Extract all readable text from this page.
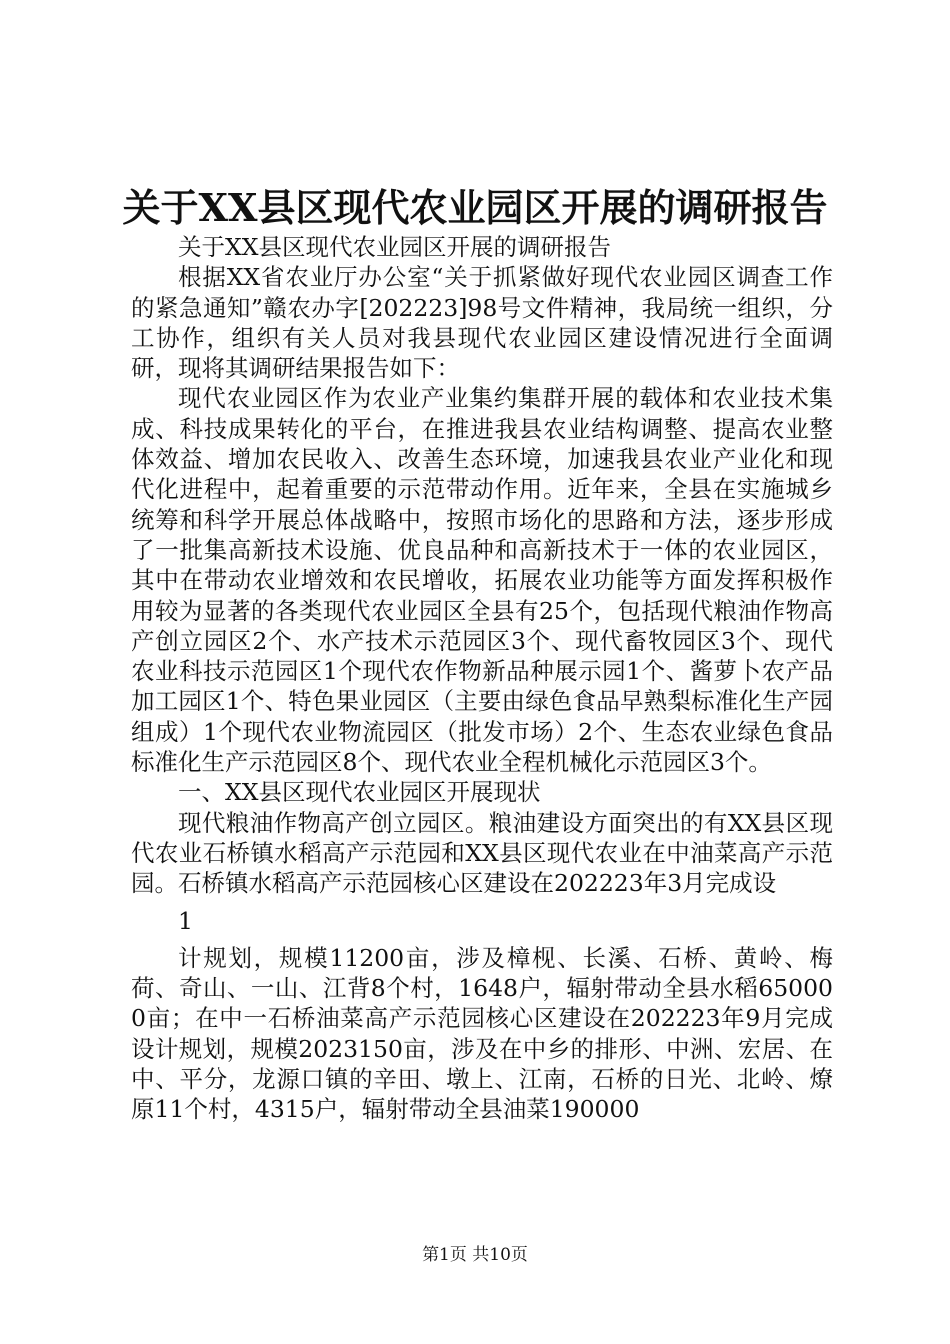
关于XX县区现代农业园区开展的调研报告

关于XX县区现代农业园区开展的调研报告

根据XX省农业厅办公室“关于抓紧做好现代农业园区调查工作的紧急通知”赣农办字[202223]98号文件精神，我局统一组织，分工协作，组织有关人员对我县现代农业园区建设情况进行全面调研，现将其调研结果报告如下：

现代农业园区作为农业产业集约集群开展的载体和农业技术集成、科技成果转化的平台，在推进我县农业结构调整、提高农业整体效益、增加农民收入、改善生态环境，加速我县农业产业化和现代化进程中，起着重要的示范带动作用。近年来，全县在实施城乡统筹和科学开展总体战略中，按照市场化的思路和方法，逐步形成了一批集高新技术设施、优良品种和高新技术于一体的农业园区，其中在带动农业增效和农民增收，拓展农业功能等方面发挥积极作用较为显著的各类现代农业园区全县有25个，包括现代粮油作物高产创立园区2个、水产技术示范园区3个、现代畜牧园区3个、现代农业科技示范园区1个现代农作物新品种展示园1个、酱萝卜农产品加工园区1个、特色果业园区（主要由绿色食品早熟梨标准化生产园组成）1个现代农业物流园区（批发市场）2个、生态农业绿色食品标准化生产示范园区8个、现代农业全程机械化示范园区3个。

一、XX县区现代农业园区开展现状

现代粮油作物高产创立园区。粮油建设方面突出的有XX县区现代农业石桥镇水稻高产示范园和XX县区现代农业在中油菜高产示范园。石桥镇水稻高产示范园核心区建设在202223年3月完成设

1

计规划，规模11200亩，涉及樟枧、长溪、石桥、黄岭、梅荷、奇山、一山、江背8个村，1648户，辐射带动全县水稻650000亩；在中一石桥油菜高产示范园核心区建设在202223年9月完成设计规划，规模2023150亩，涉及在中乡的排形、中洲、宏居、在中、平分，龙源口镇的辛田、墩上、江南，石桥的日光、北岭、燎原11个村，4315户，辐射带动全县油菜190000

第1页 共10页
